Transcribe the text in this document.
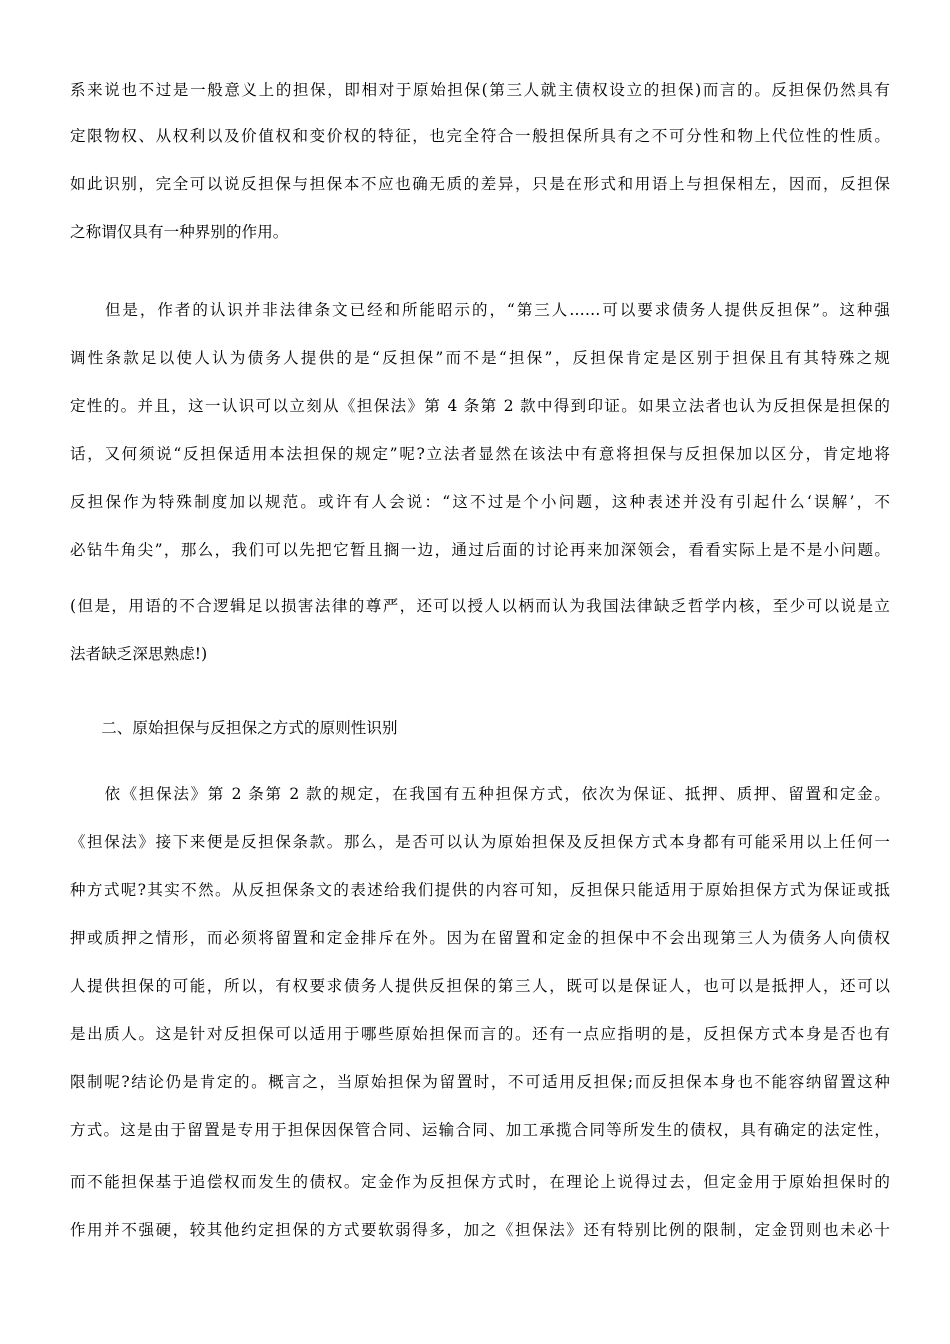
系来说也不过是一般意义上的担保，即相对于原始担保(第三人就主债权设立的担保)而言的。反担保仍然具有
定限物权、从权利以及价值权和变价权的特征，也完全符合一般担保所具有之不可分性和物上代位性的性质。
如此识别，完全可以说反担保与担保本不应也确无质的差异，只是在形式和用语上与担保相左，因而，反担保
之称谓仅具有一种界别的作用。
　　但是，作者的认识并非法律条文已经和所能昭示的，“第三人……可以要求债务人提供反担保”。这种强
调性条款足以使人认为债务人提供的是“反担保”而不是“担保”，反担保肯定是区别于担保且有其特殊之规
定性的。并且，这一认识可以立刻从《担保法》第 4 条第 2 款中得到印证。如果立法者也认为反担保是担保的
话，又何须说“反担保适用本法担保的规定”呢?立法者显然在该法中有意将担保与反担保加以区分，肯定地将
反担保作为特殊制度加以规范。或许有人会说：“这不过是个小问题，这种表述并没有引起什么‘误解’，不
必钻牛角尖”，那么，我们可以先把它暂且搁一边，通过后面的讨论再来加深领会，看看实际上是不是小问题。
(但是，用语的不合逻辑足以损害法律的尊严，还可以授人以柄而认为我国法律缺乏哲学内核，至少可以说是立
法者缺乏深思熟虑!)
　　二、原始担保与反担保之方式的原则性识别
　　依《担保法》第 2 条第 2 款的规定，在我国有五种担保方式，依次为保证、抵押、质押、留置和定金。
《担保法》接下来便是反担保条款。那么，是否可以认为原始担保及反担保方式本身都有可能采用以上任何一
种方式呢?其实不然。从反担保条文的表述给我们提供的内容可知，反担保只能适用于原始担保方式为保证或抵
押或质押之情形，而必须将留置和定金排斥在外。因为在留置和定金的担保中不会出现第三人为债务人向债权
人提供担保的可能，所以，有权要求债务人提供反担保的第三人，既可以是保证人，也可以是抵押人，还可以
是出质人。这是针对反担保可以适用于哪些原始担保而言的。还有一点应指明的是，反担保方式本身是否也有
限制呢?结论仍是肯定的。概言之，当原始担保为留置时，不可适用反担保;而反担保本身也不能容纳留置这种
方式。这是由于留置是专用于担保因保管合同、运输合同、加工承揽合同等所发生的债权，具有确定的法定性，
而不能担保基于追偿权而发生的债权。定金作为反担保方式时，在理论上说得过去，但定金用于原始担保时的
作用并不强硬，较其他约定担保的方式要软弱得多，加之《担保法》还有特别比例的限制，定金罚则也未必十
